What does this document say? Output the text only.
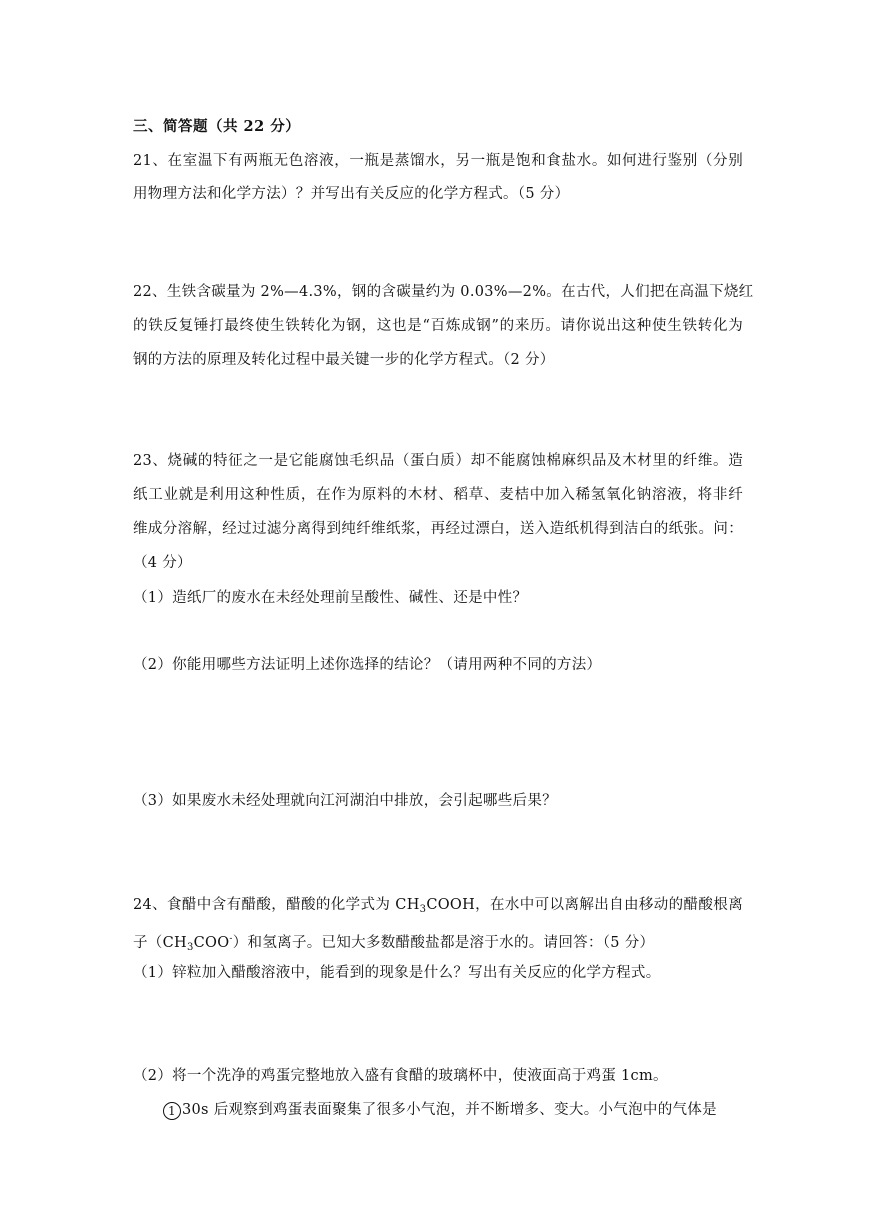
三、简答题（共 22 分）
21、在室温下有两瓶无色溶液，一瓶是蒸馏水，另一瓶是饱和食盐水。如何进行鉴别（分别
用物理方法和化学方法）？并写出有关反应的化学方程式。（5 分）
22、生铁含碳量为 2%—4.3%，钢的含碳量约为 0.03%—2%。在古代，人们把在高温下烧红
的铁反复锤打最终使生铁转化为钢，这也是“百炼成钢”的来历。请你说出这种使生铁转化为
钢的方法的原理及转化过程中最关键一步的化学方程式。（2 分）
23、烧碱的特征之一是它能腐蚀毛织品（蛋白质）却不能腐蚀棉麻织品及木材里的纤维。造
纸工业就是利用这种性质，在作为原料的木材、稻草、麦桔中加入稀氢氧化钠溶液，将非纤
维成分溶解，经过过滤分离得到纯纤维纸浆，再经过漂白，送入造纸机得到洁白的纸张。问：
（4 分）
（1）造纸厂的废水在未经处理前呈酸性、碱性、还是中性？
（2）你能用哪些方法证明上述你选择的结论？（请用两种不同的方法）
（3）如果废水未经处理就向江河湖泊中排放，会引起哪些后果？
24、食醋中含有醋酸，醋酸的化学式为 $CH_3COOH$，在水中可以离解出自由移动的醋酸根离
子$(CH_3COO^-)$和氢离子。已知大多数醋酸盐都是溶于水的。请回答：（5 分）
（1）锌粒加入醋酸溶液中，能看到的现象是什么？写出有关反应的化学方程式。
（2）将一个洗净的鸡蛋完整地放入盛有食醋的玻璃杯中，使液面高于鸡蛋 1cm。
1 30s 后观察到鸡蛋表面聚集了很多小气泡，并不断增多、变大。小气泡中的气体是
